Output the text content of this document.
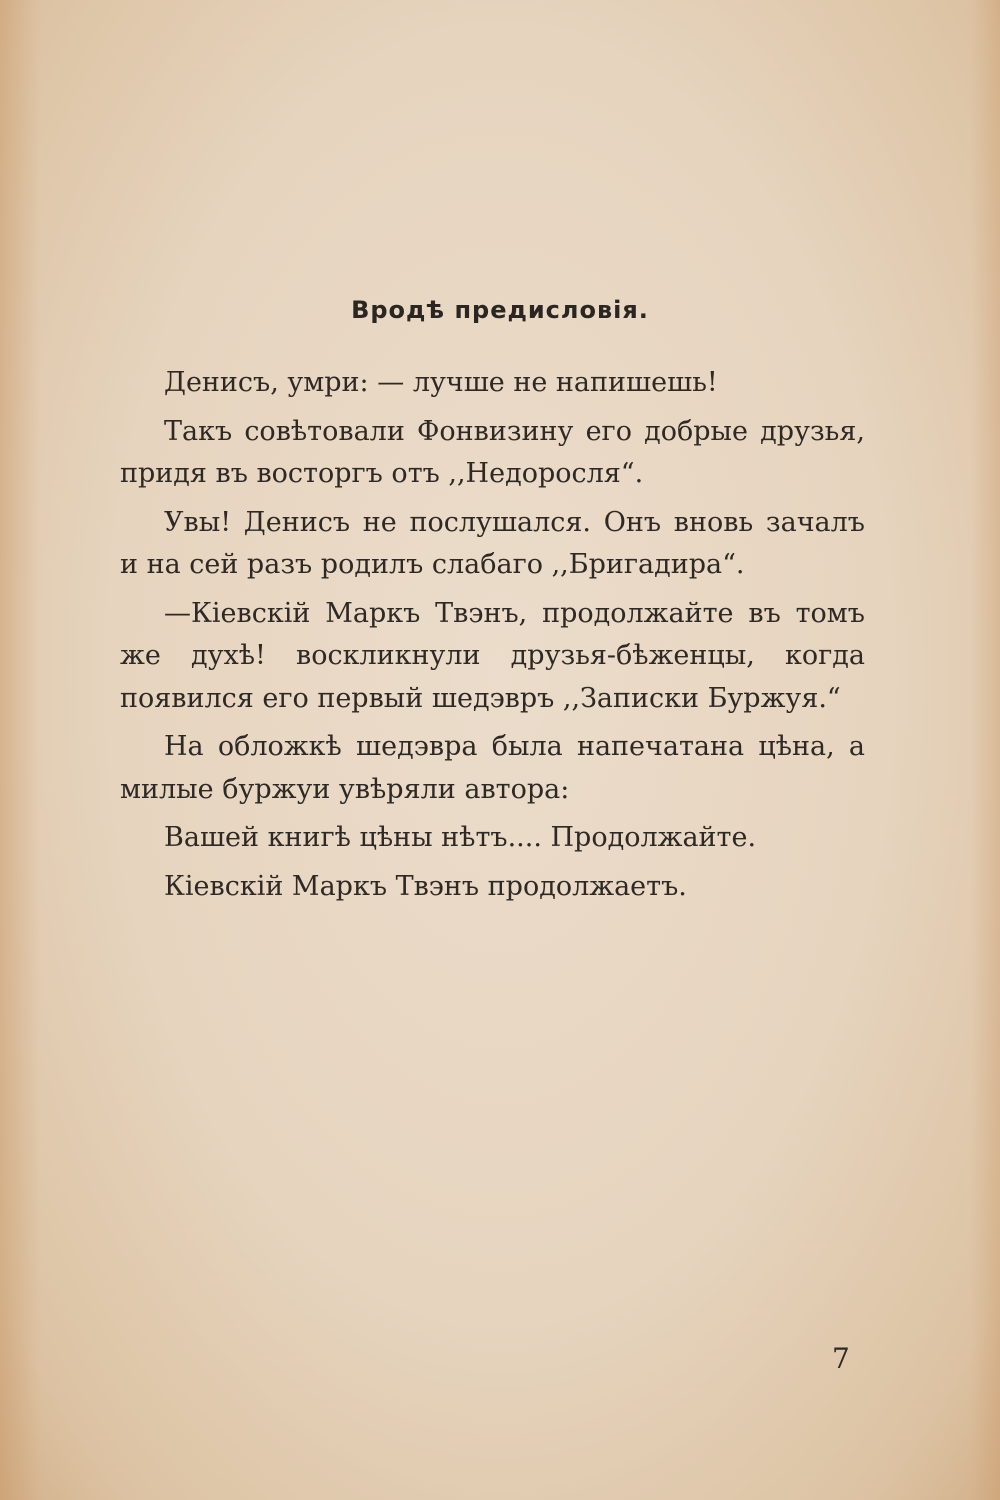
Вродѣ предисловія.

Денисъ, умри: — лучше не напишешь!

Такъ совѣтовали Фонвизину его добрые друзья, придя въ восторгъ отъ ,,Недоросля“.

Увы! Денисъ не послушался. Онъ вновь зачалъ и на сей разъ родилъ слабаго ,,Бригадира“.

—Кіевскій Маркъ Твэнъ, продолжайте въ томъ же духѣ! воскликнули друзья-бѣженцы, когда появился его первый шедэвръ ,,Записки Буржуя.“

На обложкѣ шедэвра была напечатана цѣна, а милые буржуи увѣряли автора:

Вашей книгѣ цѣны нѣтъ.... Продолжайте.

Кіевскій Маркъ Твэнъ продолжаетъ.

7
